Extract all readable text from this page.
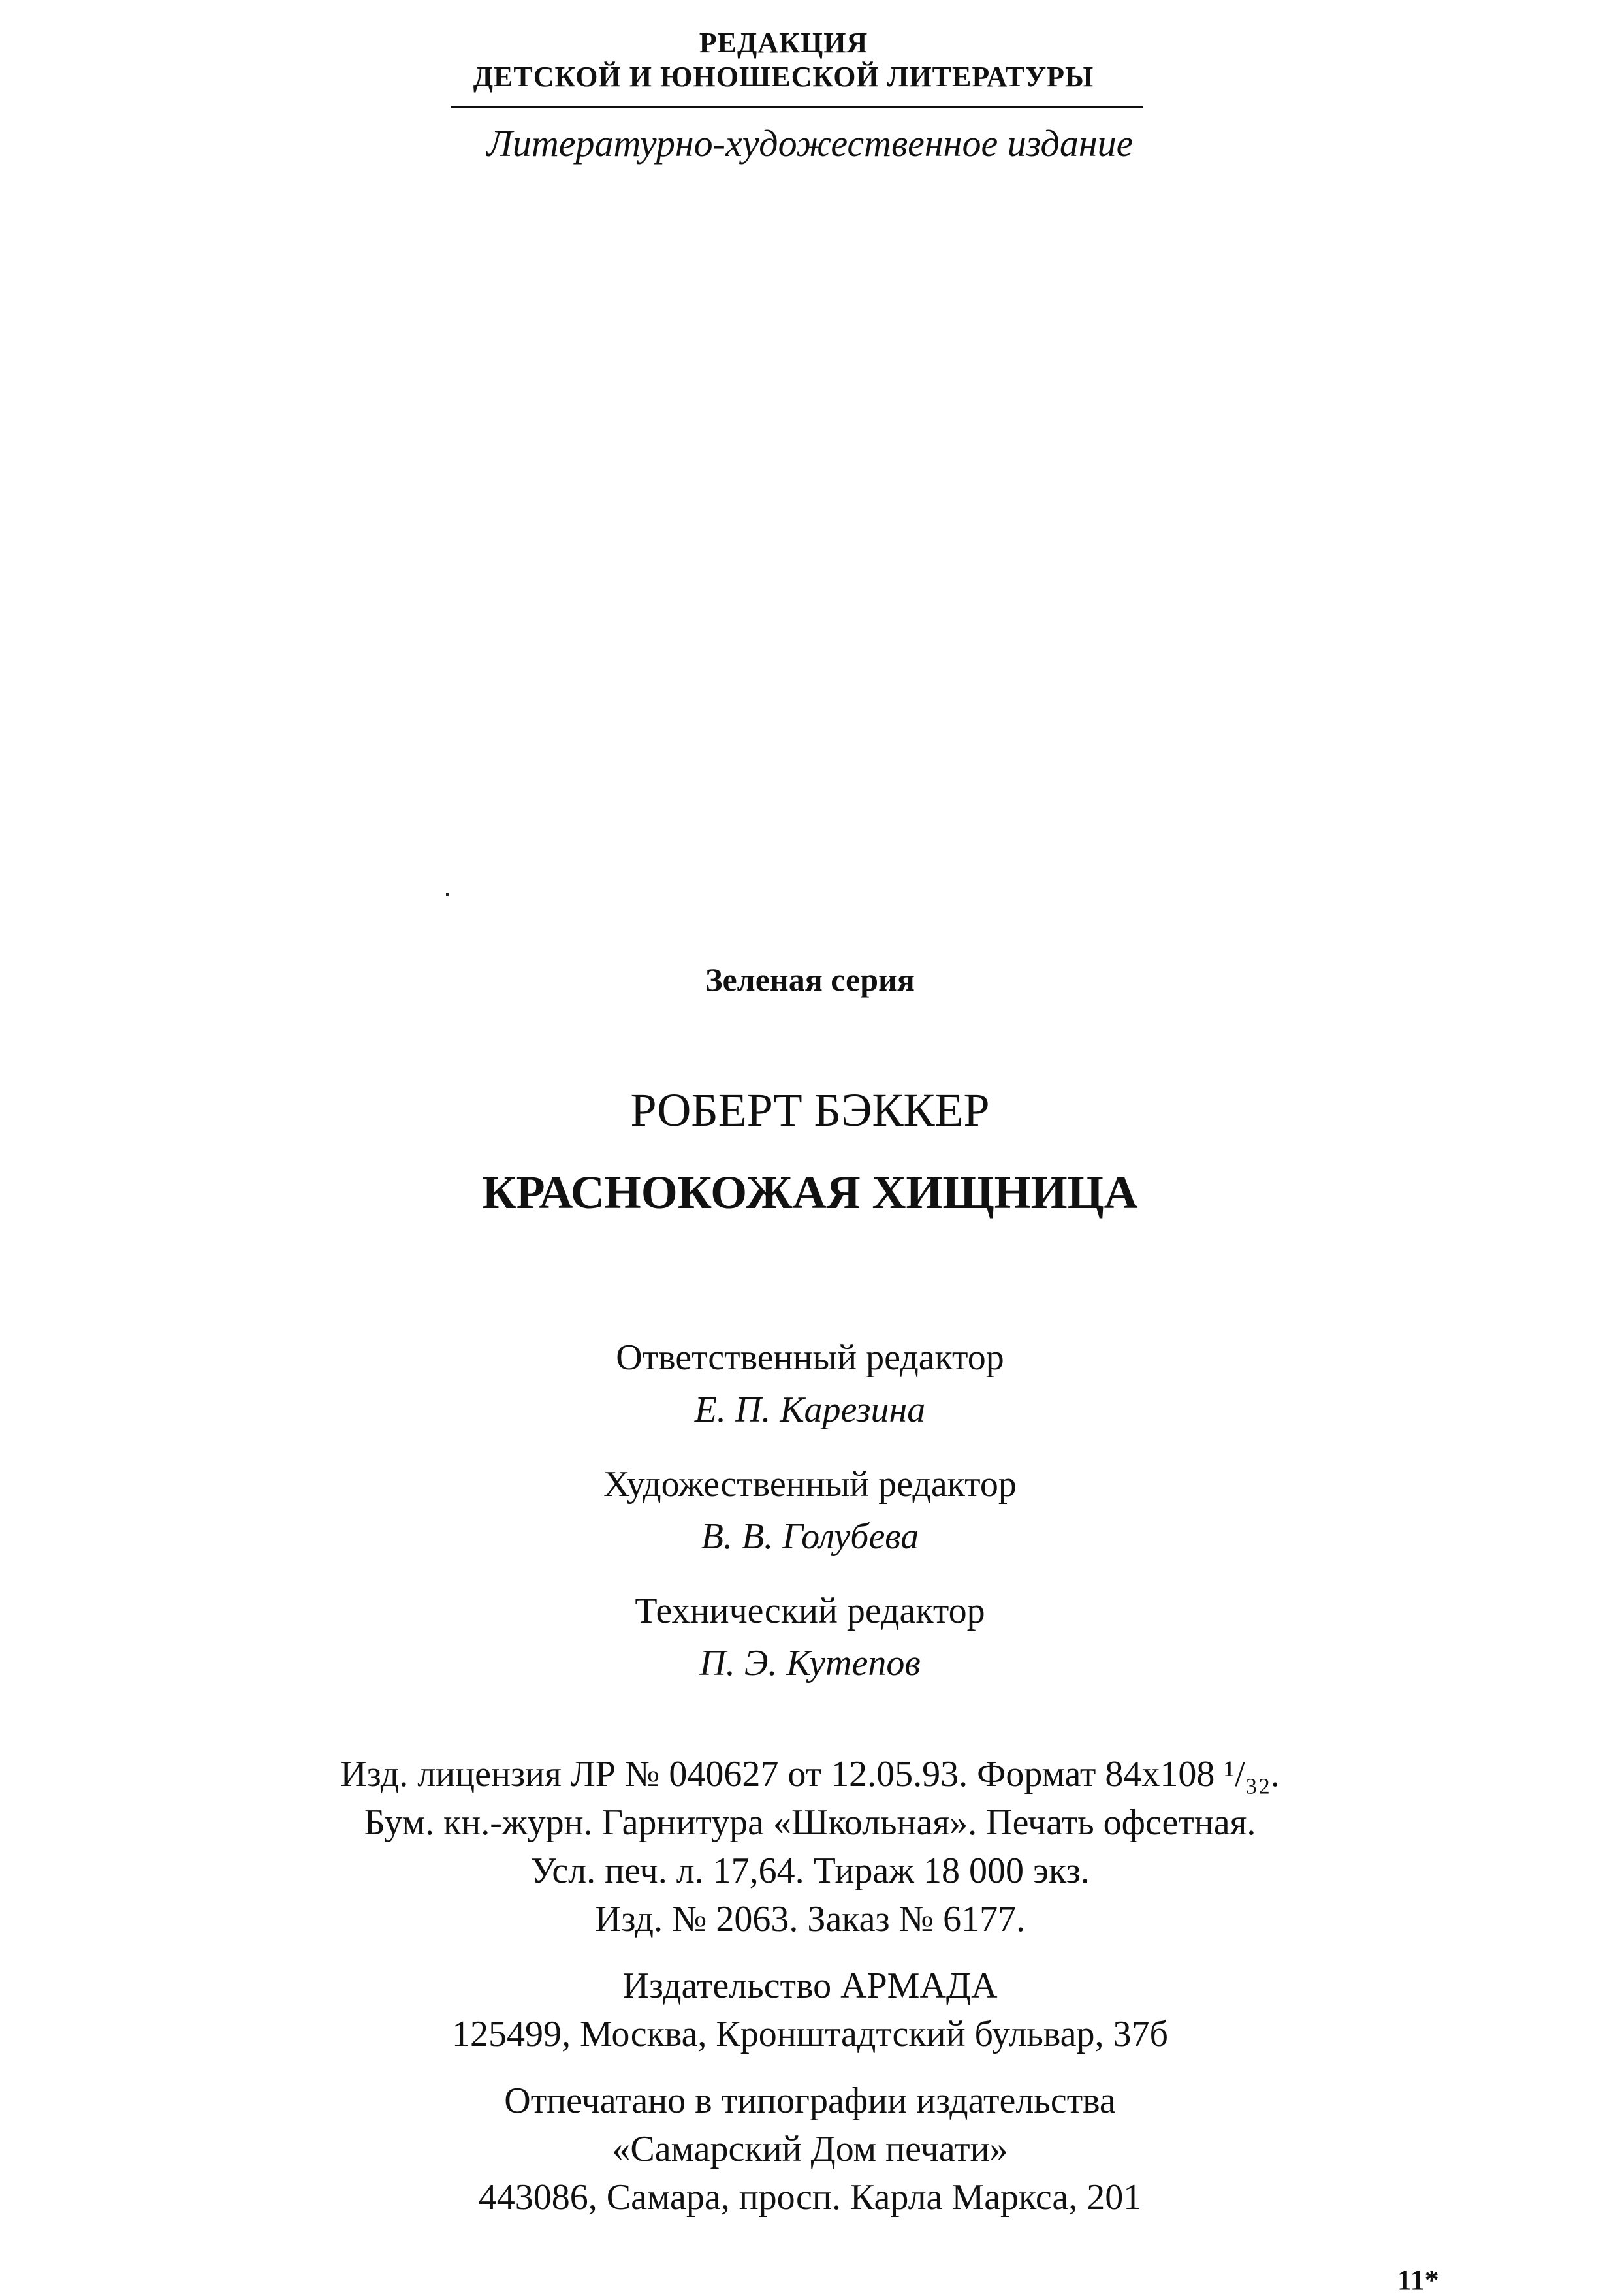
РЕДАКЦИЯ
ДЕТСКОЙ И ЮНОШЕСКОЙ ЛИТЕРАТУРЫ
Литературно-художественное издание
Зеленая серия
РОБЕРТ БЭККЕР
КРАСНОКОЖАЯ ХИЩНИЦА
Ответственный редактор
Е. П. Карезина
Художественный редактор
В. В. Голубева
Технический редактор
П. Э. Кутепов
Изд. лицензия ЛР № 040627 от 12.05.93. Формат 84х108 ¹/₃₂.
Бум. кн.-журн. Гарнитура «Школьная». Печать офсетная.
Усл. печ. л. 17,64. Тираж 18 000 экз.
Изд. № 2063. Заказ № 6177.
Издательство АРМАДА
125499, Москва, Кронштадтский бульвар, 37б
Отпечатано в типографии издательства
«Самарский Дом печати»
443086, Самара, просп. Карла Маркса, 201
11*
